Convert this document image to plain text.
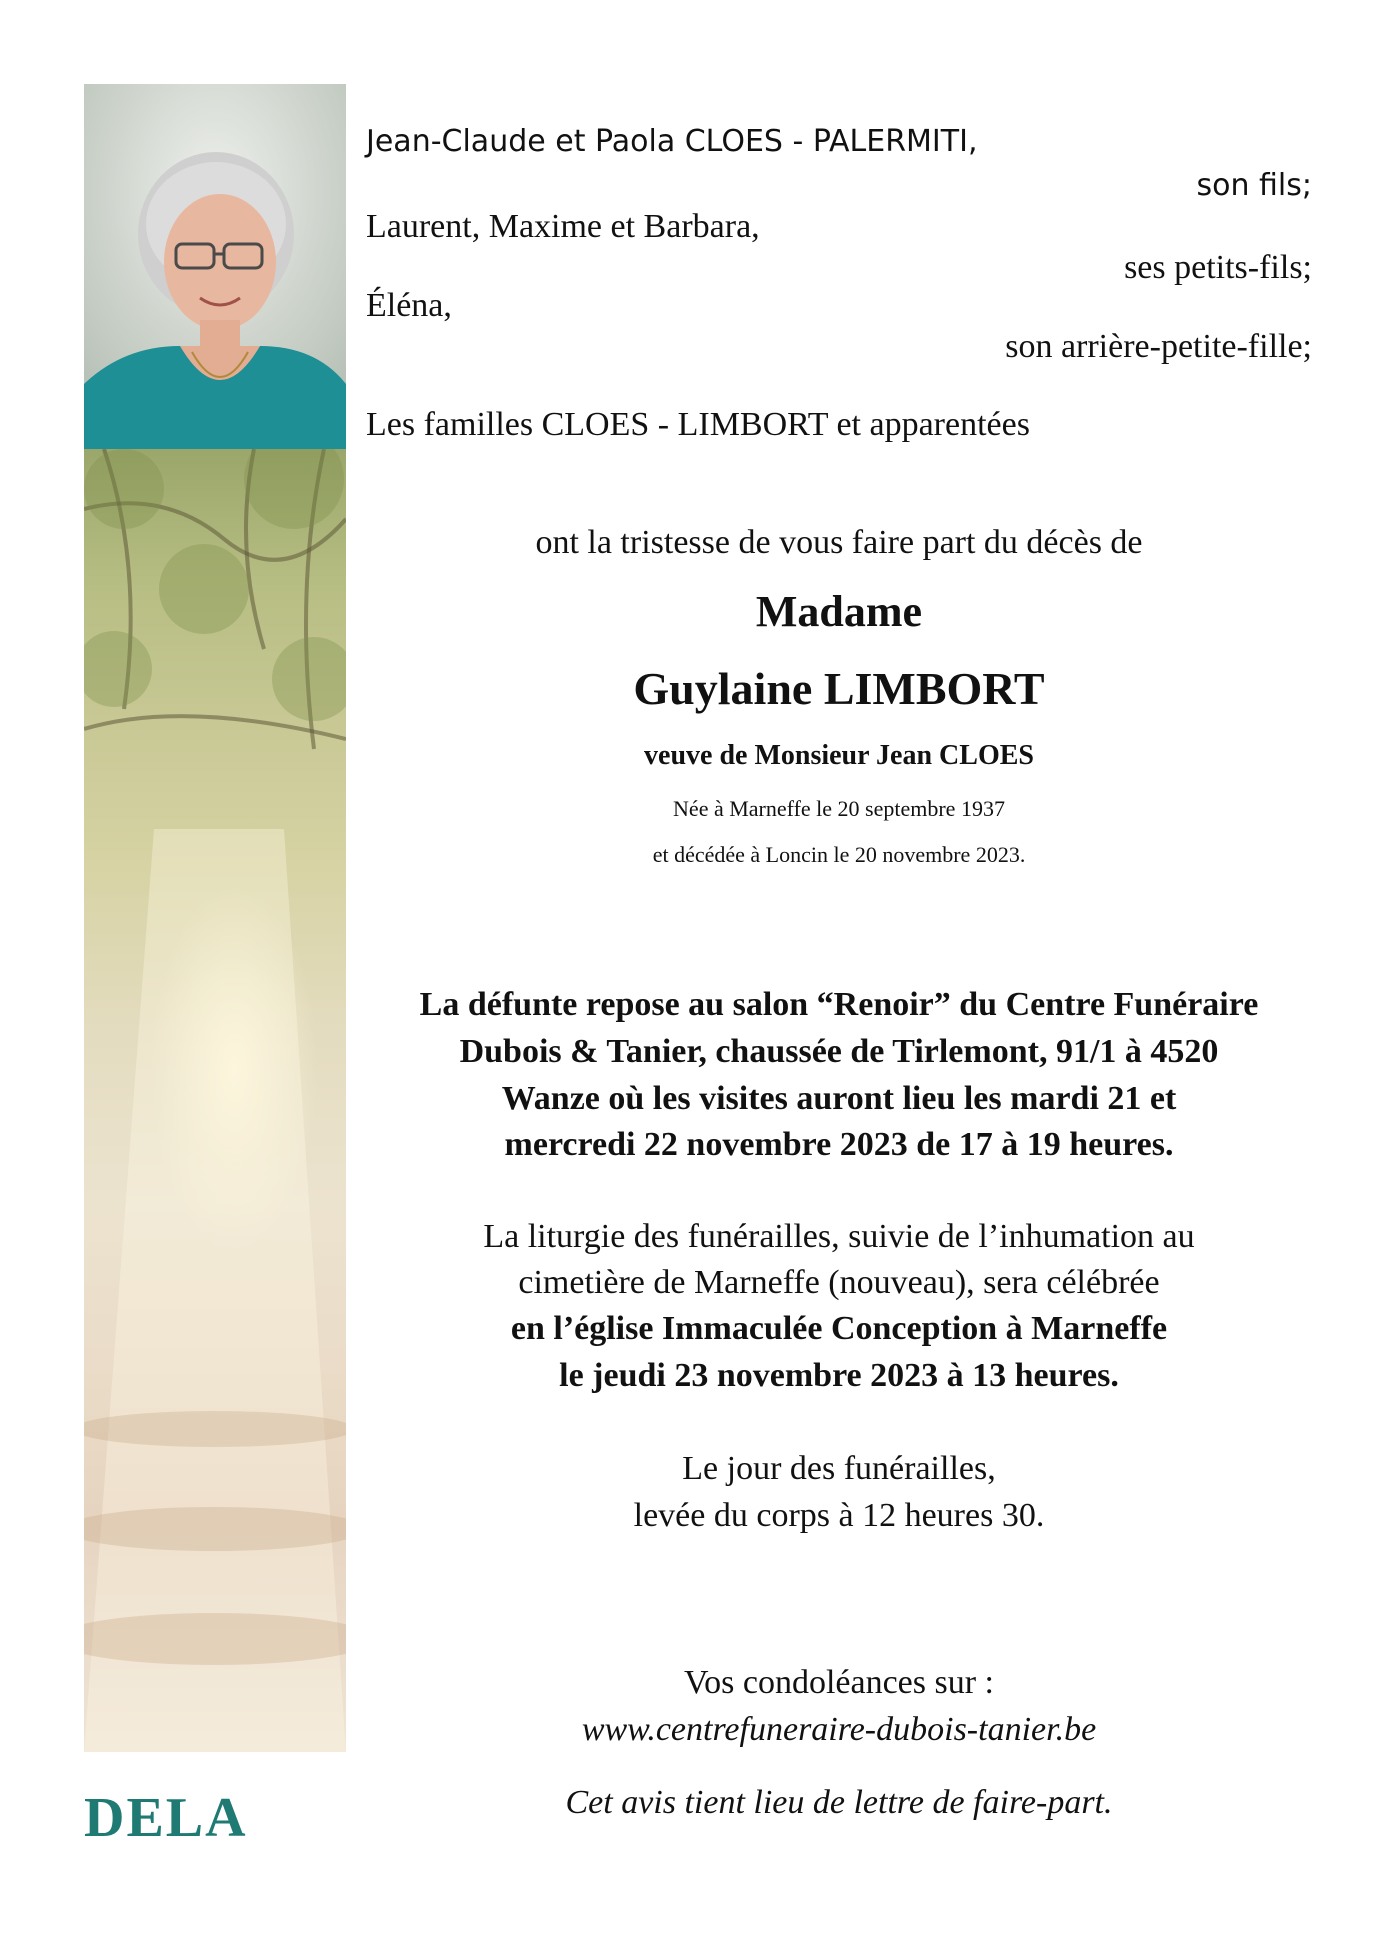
DELA
Jean-Claude et Paola CLOES - PALERMITI,
son fils;
Laurent, Maxime et Barbara,
ses petits-fils;
Éléna,
son arrière-petite-fille;
Les familles CLOES - LIMBORT et apparentées
ont la tristesse de vous faire part du décès de
Madame
Guylaine LIMBORT
veuve de Monsieur Jean CLOES
Née à Marneffe le 20 septembre 1937
et décédée à Loncin le 20 novembre 2023.
La défunte repose au salon “Renoir” du Centre Funéraire
Dubois & Tanier, chaussée de Tirlemont, 91/1 à 4520
Wanze où les visites auront lieu les mardi 21 et
mercredi 22 novembre 2023 de 17 à 19 heures.
La liturgie des funérailles, suivie de l’inhumation au
cimetière de Marneffe (nouveau), sera célébrée
en l’église Immaculée Conception à Marneffe
le jeudi 23 novembre 2023 à 13 heures.
Le jour des funérailles,
levée du corps à 12 heures 30.
Vos condoléances sur :
www.centrefuneraire-dubois-tanier.be
Cet avis tient lieu de lettre de faire-part.
